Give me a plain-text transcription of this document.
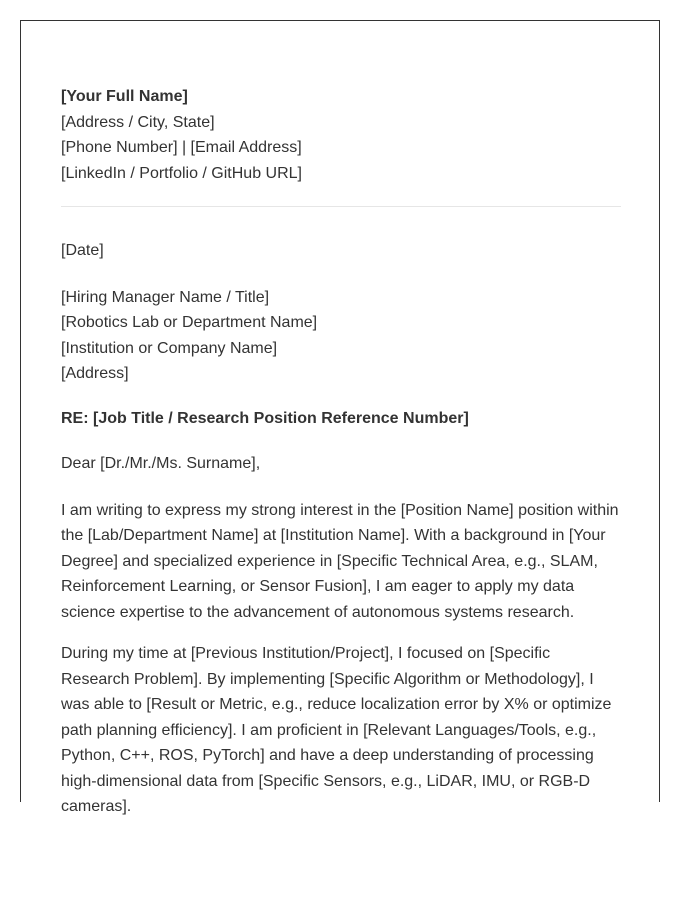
[Your Full Name]
[Address / City, State]
[Phone Number] | [Email Address]
[LinkedIn / Portfolio / GitHub URL]
[Date]
[Hiring Manager Name / Title]
[Robotics Lab or Department Name]
[Institution or Company Name]
[Address]
RE: [Job Title / Research Position Reference Number]
Dear [Dr./Mr./Ms. Surname],
I am writing to express my strong interest in the [Position Name] position within
the [Lab/Department Name] at [Institution Name]. With a background in [Your
Degree] and specialized experience in [Specific Technical Area, e.g., SLAM,
Reinforcement Learning, or Sensor Fusion], I am eager to apply my data
science expertise to the advancement of autonomous systems research.
During my time at [Previous Institution/Project], I focused on [Specific
Research Problem]. By implementing [Specific Algorithm or Methodology], I
was able to [Result or Metric, e.g., reduce localization error by X% or optimize
path planning efficiency]. I am proficient in [Relevant Languages/Tools, e.g.,
Python, C++, ROS, PyTorch] and have a deep understanding of processing
high-dimensional data from [Specific Sensors, e.g., LiDAR, IMU, or RGB-D
cameras].
